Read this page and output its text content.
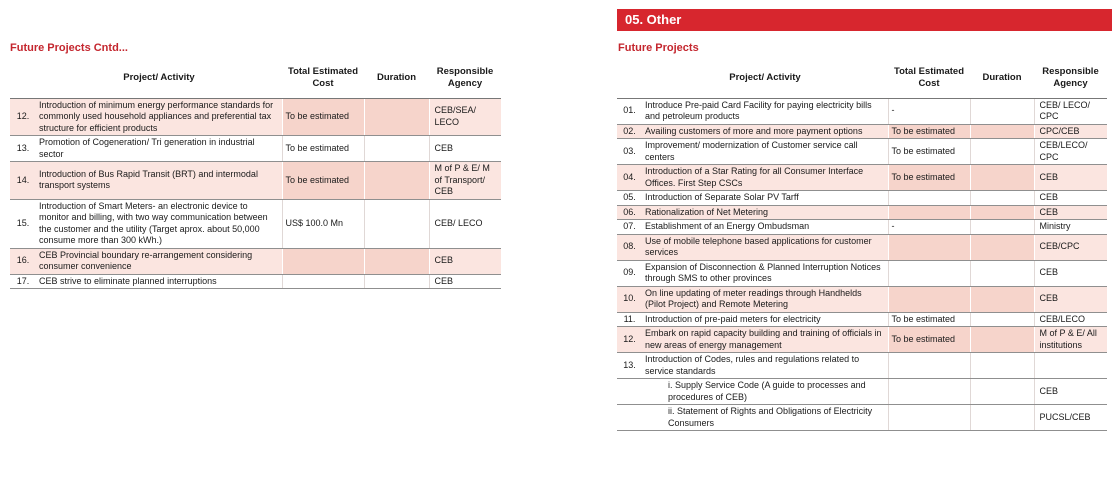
05. Other
Future Projects Cntd...	Future Projects
	Project/ Activity	Total Estimated Cost	Duration	Responsible Agency
12.	Introduction of minimum energy performance standards for commonly used household appliances and preferential tax structure for efficient products	To be estimated		CEB/SEA/ LECO
13.	Promotion of Cogeneration/ Tri generation in industrial sector	To be estimated		CEB
14.	Introduction of Bus Rapid Transit (BRT) and intermodal transport systems	To be estimated		M of P & E/ M of Transport/ CEB
15.	Introduction of Smart Meters- an electronic device to monitor and billing, with two way communication between the customer and the utility (Target aprox. about 50,000 consume more than 300 kWh.)	US$ 100.0 Mn		CEB/ LECO
16.	CEB Provincial boundary re-arrangement considering consumer convenience			CEB
17.	CEB strive to eliminate planned interruptions			CEB
	Project/ Activity	Total Estimated Cost	Duration	Responsible Agency
01.	Introduce Pre-paid Card Facility for paying electricity bills and petroleum products	-		CEB/ LECO/ CPC
02.	Availing customers of more and more payment options	To be estimated		CPC/CEB
03.	Improvement/ modernization of Customer service call centers	To be estimated		CEB/LECO/ CPC
04.	Introduction of a Star Rating for all Consumer Interface Offices. First Step CSCs	To be estimated		CEB
05.	Introduction of Separate Solar PV Tarff			CEB
06.	Rationalization of Net Metering			CEB
07.	Establishment of an Energy Ombudsman	-		Ministry
08.	Use of mobile telephone based applications for customer services			CEB/CPC
09.	Expansion of Disconnection & Planned Interruption Notices through SMS to other provinces			CEB
10.	On line updating of meter readings through Handhelds (Pilot Project) and Remote Metering			CEB
11.	Introduction of pre-paid meters for electricity	To be estimated		CEB/LECO
12.	Embark on rapid capacity building and training of officials in new areas of energy management	To be estimated		M of P & E/ All institutions
13.	Introduction of Codes, rules and regulations related to service standards			
	i. Supply Service Code (A guide to processes and procedures of CEB)			CEB
	ii. Statement of Rights and Obligations of Electricity Consumers			PUCSL/CEB
